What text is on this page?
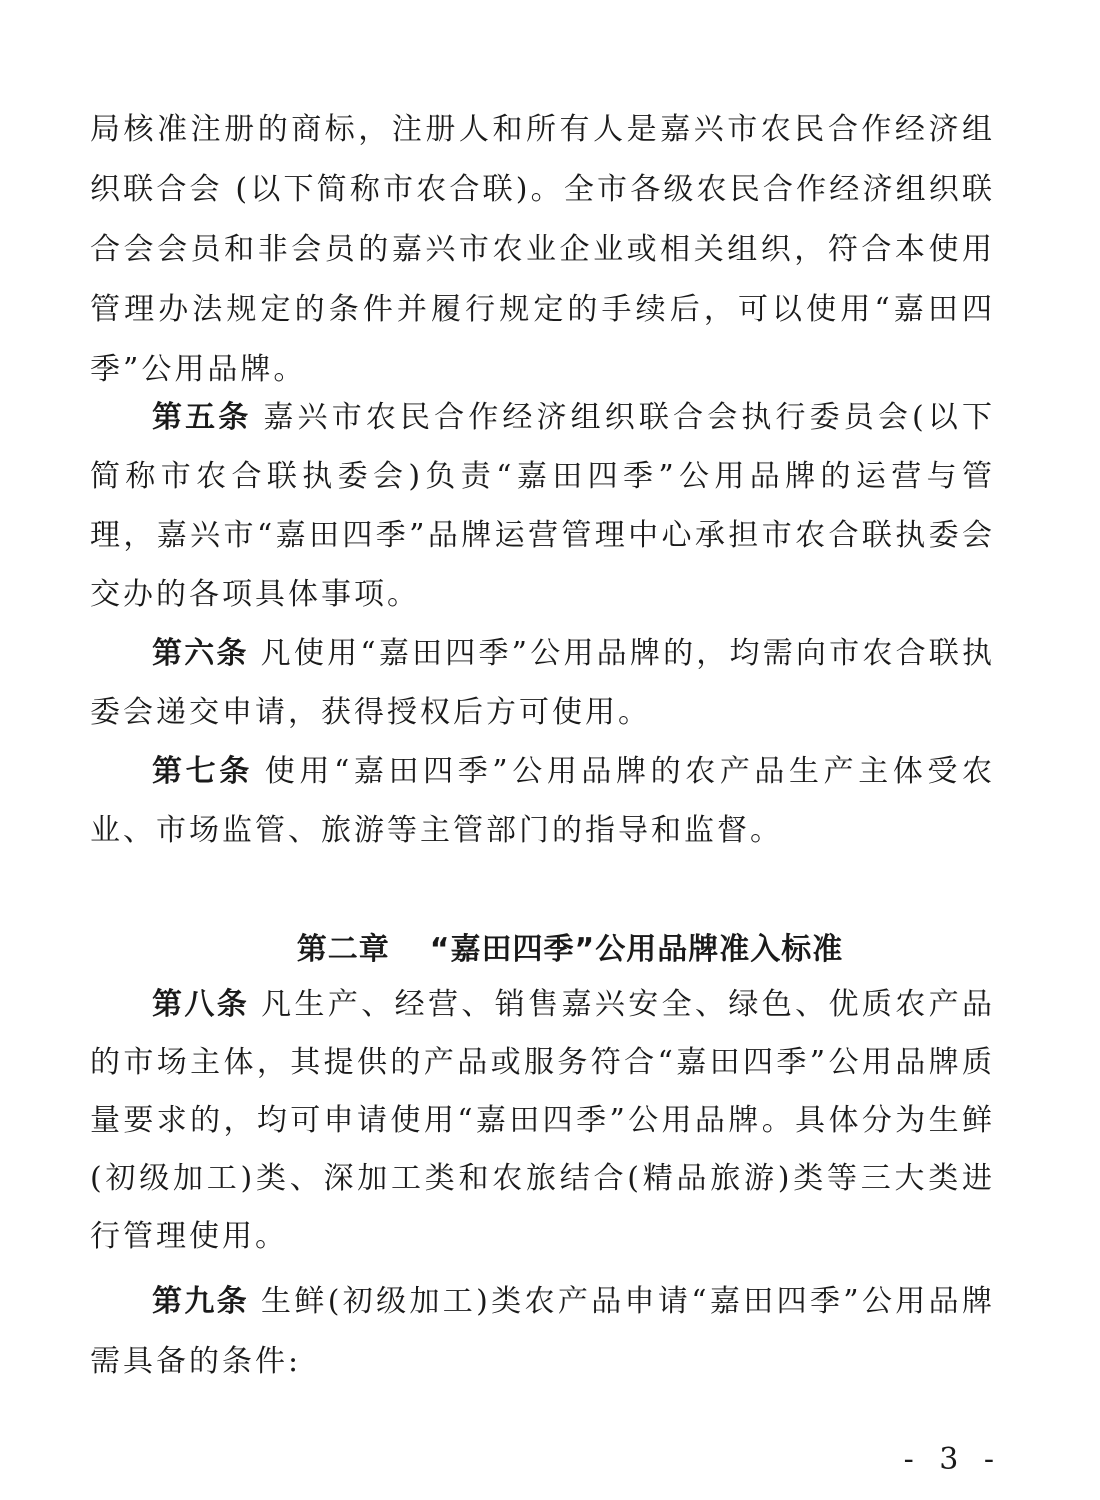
局核准注册的商标，注册人和所有人是嘉兴市农民合作经济组织联合会 (以下简称市农合联)。全市各级农民合作经济组织联合会会员和非会员的嘉兴市农业企业或相关组织，符合本使用管理办法规定的条件并履行规定的手续后，可以使用“嘉田四季”公用品牌。

第五条 嘉兴市农民合作经济组织联合会执行委员会(以下简称市农合联执委会)负责“嘉田四季”公用品牌的运营与管理，嘉兴市“嘉田四季”品牌运营管理中心承担市农合联执委会交办的各项具体事项。

第六条 凡使用“嘉田四季”公用品牌的，均需向市农合联执委会递交申请，获得授权后方可使用。

第七条 使用“嘉田四季”公用品牌的农产品生产主体受农业、市场监管、旅游等主管部门的指导和监督。

第二章 “嘉田四季”公用品牌准入标准

第八条 凡生产、经营、销售嘉兴安全、绿色、优质农产品的市场主体，其提供的产品或服务符合“嘉田四季”公用品牌质量要求的，均可申请使用“嘉田四季”公用品牌。具体分为生鲜(初级加工)类、深加工类和农旅结合(精品旅游)类等三大类进行管理使用。

第九条 生鲜(初级加工)类农产品申请“嘉田四季”公用品牌需具备的条件:

- 3 -
